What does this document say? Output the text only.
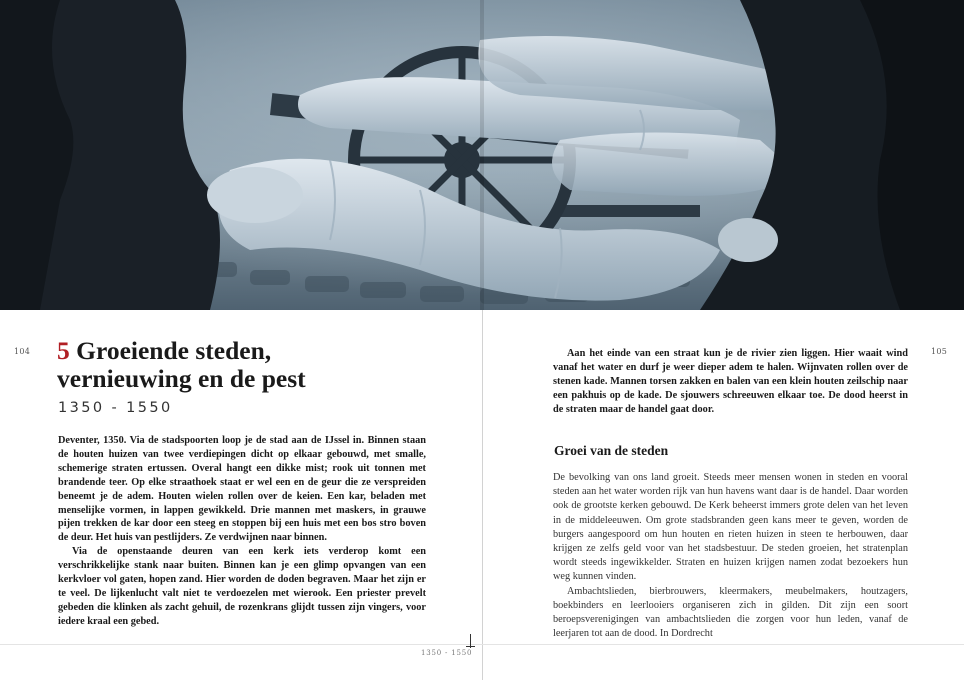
104 5 Groeiende steden,
vernieuwing en de pest
1350 - 1550

Deventer, 1350. Via de stadspoorten loop je de stad aan de IJssel in. Binnen staan de houten huizen van twee verdiepingen dicht op elkaar gebouwd, met smalle, schemerige straten ertussen. Overal hangt een dikke mist; rook uit tonnen met brandende teer. Op elke straathoek staat er wel een en de geur die ze verspreiden beneemt je de adem. Houten wielen rollen over de keien. Een kar, beladen met menselijke vormen, in lappen gewikkeld. Drie mannen met maskers, in grauwe pijen trekken de kar door een steeg en stoppen bij een huis met een bos stro boven de deur. Het huis van pestlijders. Ze verdwijnen naar binnen.

Via de openstaande deuren van een kerk iets verderop komt een verschrikkelijke stank naar buiten. Binnen kan je een glimp opvangen van een kerkvloer vol gaten, hopen zand. Hier worden de doden begraven. Maar het zijn er te veel. De lijkenlucht valt niet te verdoezelen met wierook. Een priester prevelt gebeden die klinken als zacht gehuil, de rozenkrans glijdt tussen zijn vingers, voor iedere kraal een gebed.

105

Aan het einde van een straat kun je de rivier zien liggen. Hier waait wind vanaf het water en durf je weer dieper adem te halen. Wijnvaten rollen over de stenen kade. Mannen torsen zakken en balen van een klein houten zeilschip naar een pakhuis op de kade. De sjouwers schreeuwen elkaar toe. De dood heerst in de straten maar de handel gaat door.

Groei van de steden

De bevolking van ons land groeit. Steeds meer mensen wonen in steden en vooral steden aan het water worden rijk van hun havens want daar is de handel. Daar worden ook de grootste kerken gebouwd. De Kerk beheerst immers grote delen van het leven in de middeleeuwen. Om grote stadsbranden geen kans meer te geven, worden de burgers aangespoord om hun houten en rieten huizen in steen te herbouwen, daar krijgen ze zelfs geld voor van het stadsbestuur. De steden groeien, het stratenplan wordt steeds ingewikkelder. Straten en huizen krijgen namen zodat bezoekers hun weg kunnen vinden.

Ambachtslieden, bierbrouwers, kleermakers, meubelmakers, houtzagers, boekbinders en leerlooiers organiseren zich in gilden. Dit zijn een soort beroepsverenigingen van ambachtslieden die zorgen voor hun leden, vanaf de leerjaren tot aan de dood. In Dordrecht

1350 - 1550
